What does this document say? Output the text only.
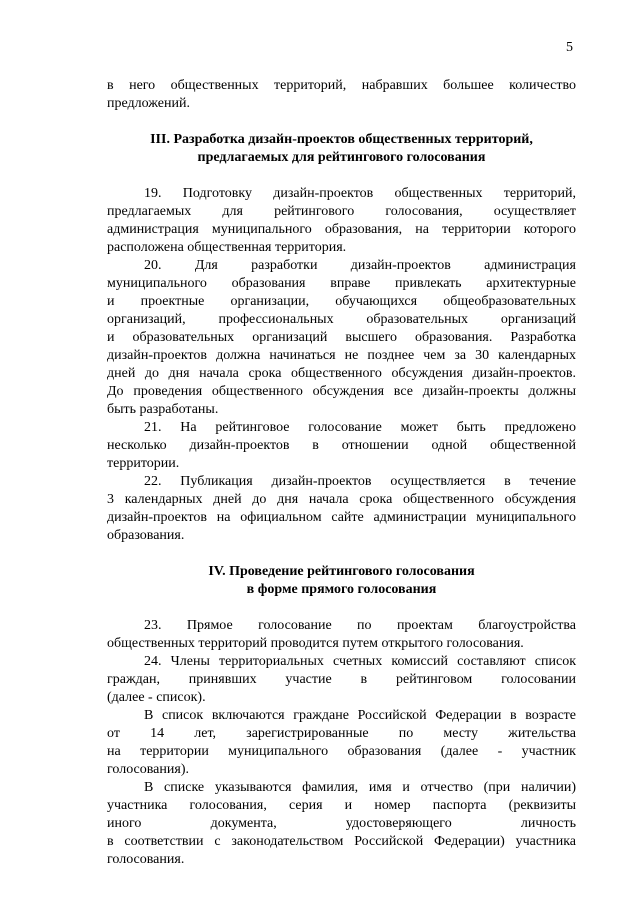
5
в него общественных территорий, набравших большее количество
предложений.
III. Разработка дизайн-проектов общественных территорий,
предлагаемых для рейтингового голосования
19. Подготовку дизайн-проектов общественных территорий,
предлагаемых для рейтингового голосования, осуществляет
администрация муниципального образования, на территории которого
расположена общественная территория.
20. Для разработки дизайн-проектов администрация
муниципального образования вправе привлекать архитектурные
и проектные организации, обучающихся общеобразовательных
организаций, профессиональных образовательных организаций
и образовательных организаций высшего образования. Разработка
дизайн-проектов должна начинаться не позднее чем за 30 календарных
дней до дня начала срока общественного обсуждения дизайн-проектов.
До проведения общественного обсуждения все дизайн-проекты должны
быть разработаны.
21. На рейтинговое голосование может быть предложено
несколько дизайн-проектов в отношении одной общественной
территории.
22. Публикация дизайн-проектов осуществляется в течение
3 календарных дней до дня начала срока общественного обсуждения
дизайн-проектов на официальном сайте администрации муниципального
образования.
IV. Проведение рейтингового голосования
в форме прямого голосования
23. Прямое голосование по проектам благоустройства
общественных территорий проводится путем открытого голосования.
24. Члены территориальных счетных комиссий составляют список
граждан, принявших участие в рейтинговом голосовании
(далее - список).
В список включаются граждане Российской Федерации в возрасте
от 14 лет, зарегистрированные по месту жительства
на территории муниципального образования (далее - участник
голосования).
В списке указываются фамилия, имя и отчество (при наличии)
участника голосования, серия и номер паспорта (реквизиты
иного документа, удостоверяющего личность
в соответствии с законодательством Российской Федерации) участника
голосования.
